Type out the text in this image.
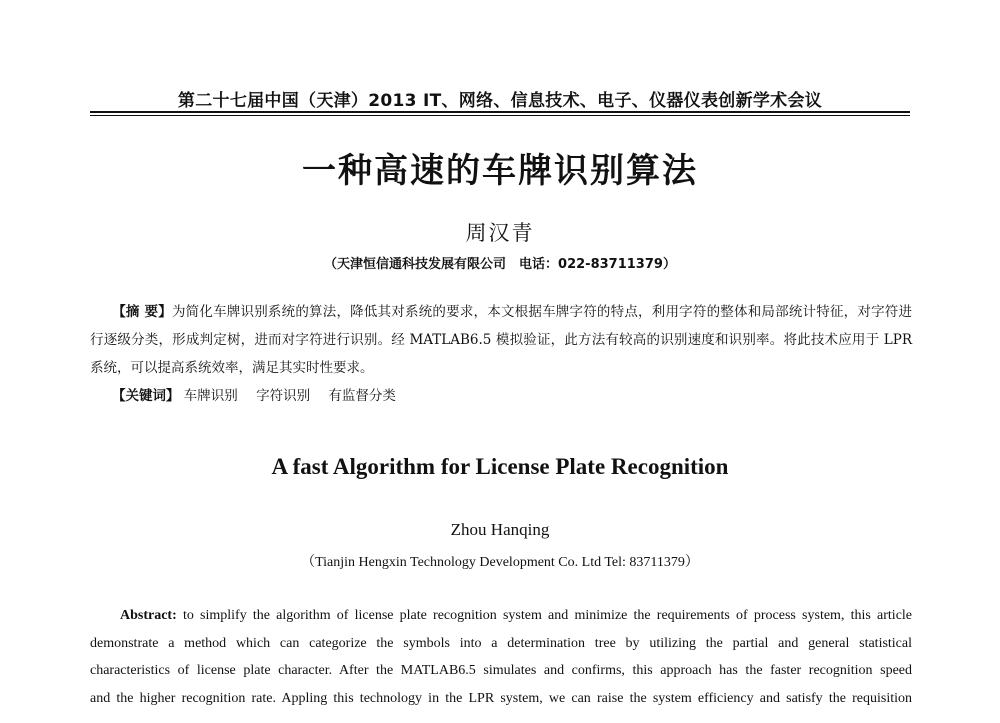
第二十七届中国（天津）2013 IT、网络、信息技术、电子、仪器仪表创新学术会议
一种高速的车牌识别算法
周汉青
（天津恒信通科技发展有限公司　电话：022-83711379）
【摘 要】为简化车牌识别系统的算法，降低其对系统的要求，本文根据车牌字符的特点，利用字符的整体和局部统计特征，对字符进行逐级分类，形成判定树，进而对字符进行识别。经 MATLAB6.5 模拟验证，此方法有较高的识别速度和识别率。将此技术应用于 LPR 系统，可以提高系统效率，满足其实时性要求。
【关键词】 车牌识别 字符识别 有监督分类
A fast Algorithm for License Plate Recognition
Zhou Hanqing
（Tianjin Hengxin Technology Development Co. Ltd Tel: 83711379）
Abstract: to simplify the algorithm of license plate recognition system and minimize the requirements of process system, this article
demonstrate a method which can categorize the symbols into a determination tree by utilizing the partial and general statistical
characteristics of license plate character. After the MATLAB6.5 simulates and confirms, this approach has the faster recognition speed
and the higher recognition rate. Appling this technology in the LPR system, we can raise the system efficiency and satisfy the requisition
